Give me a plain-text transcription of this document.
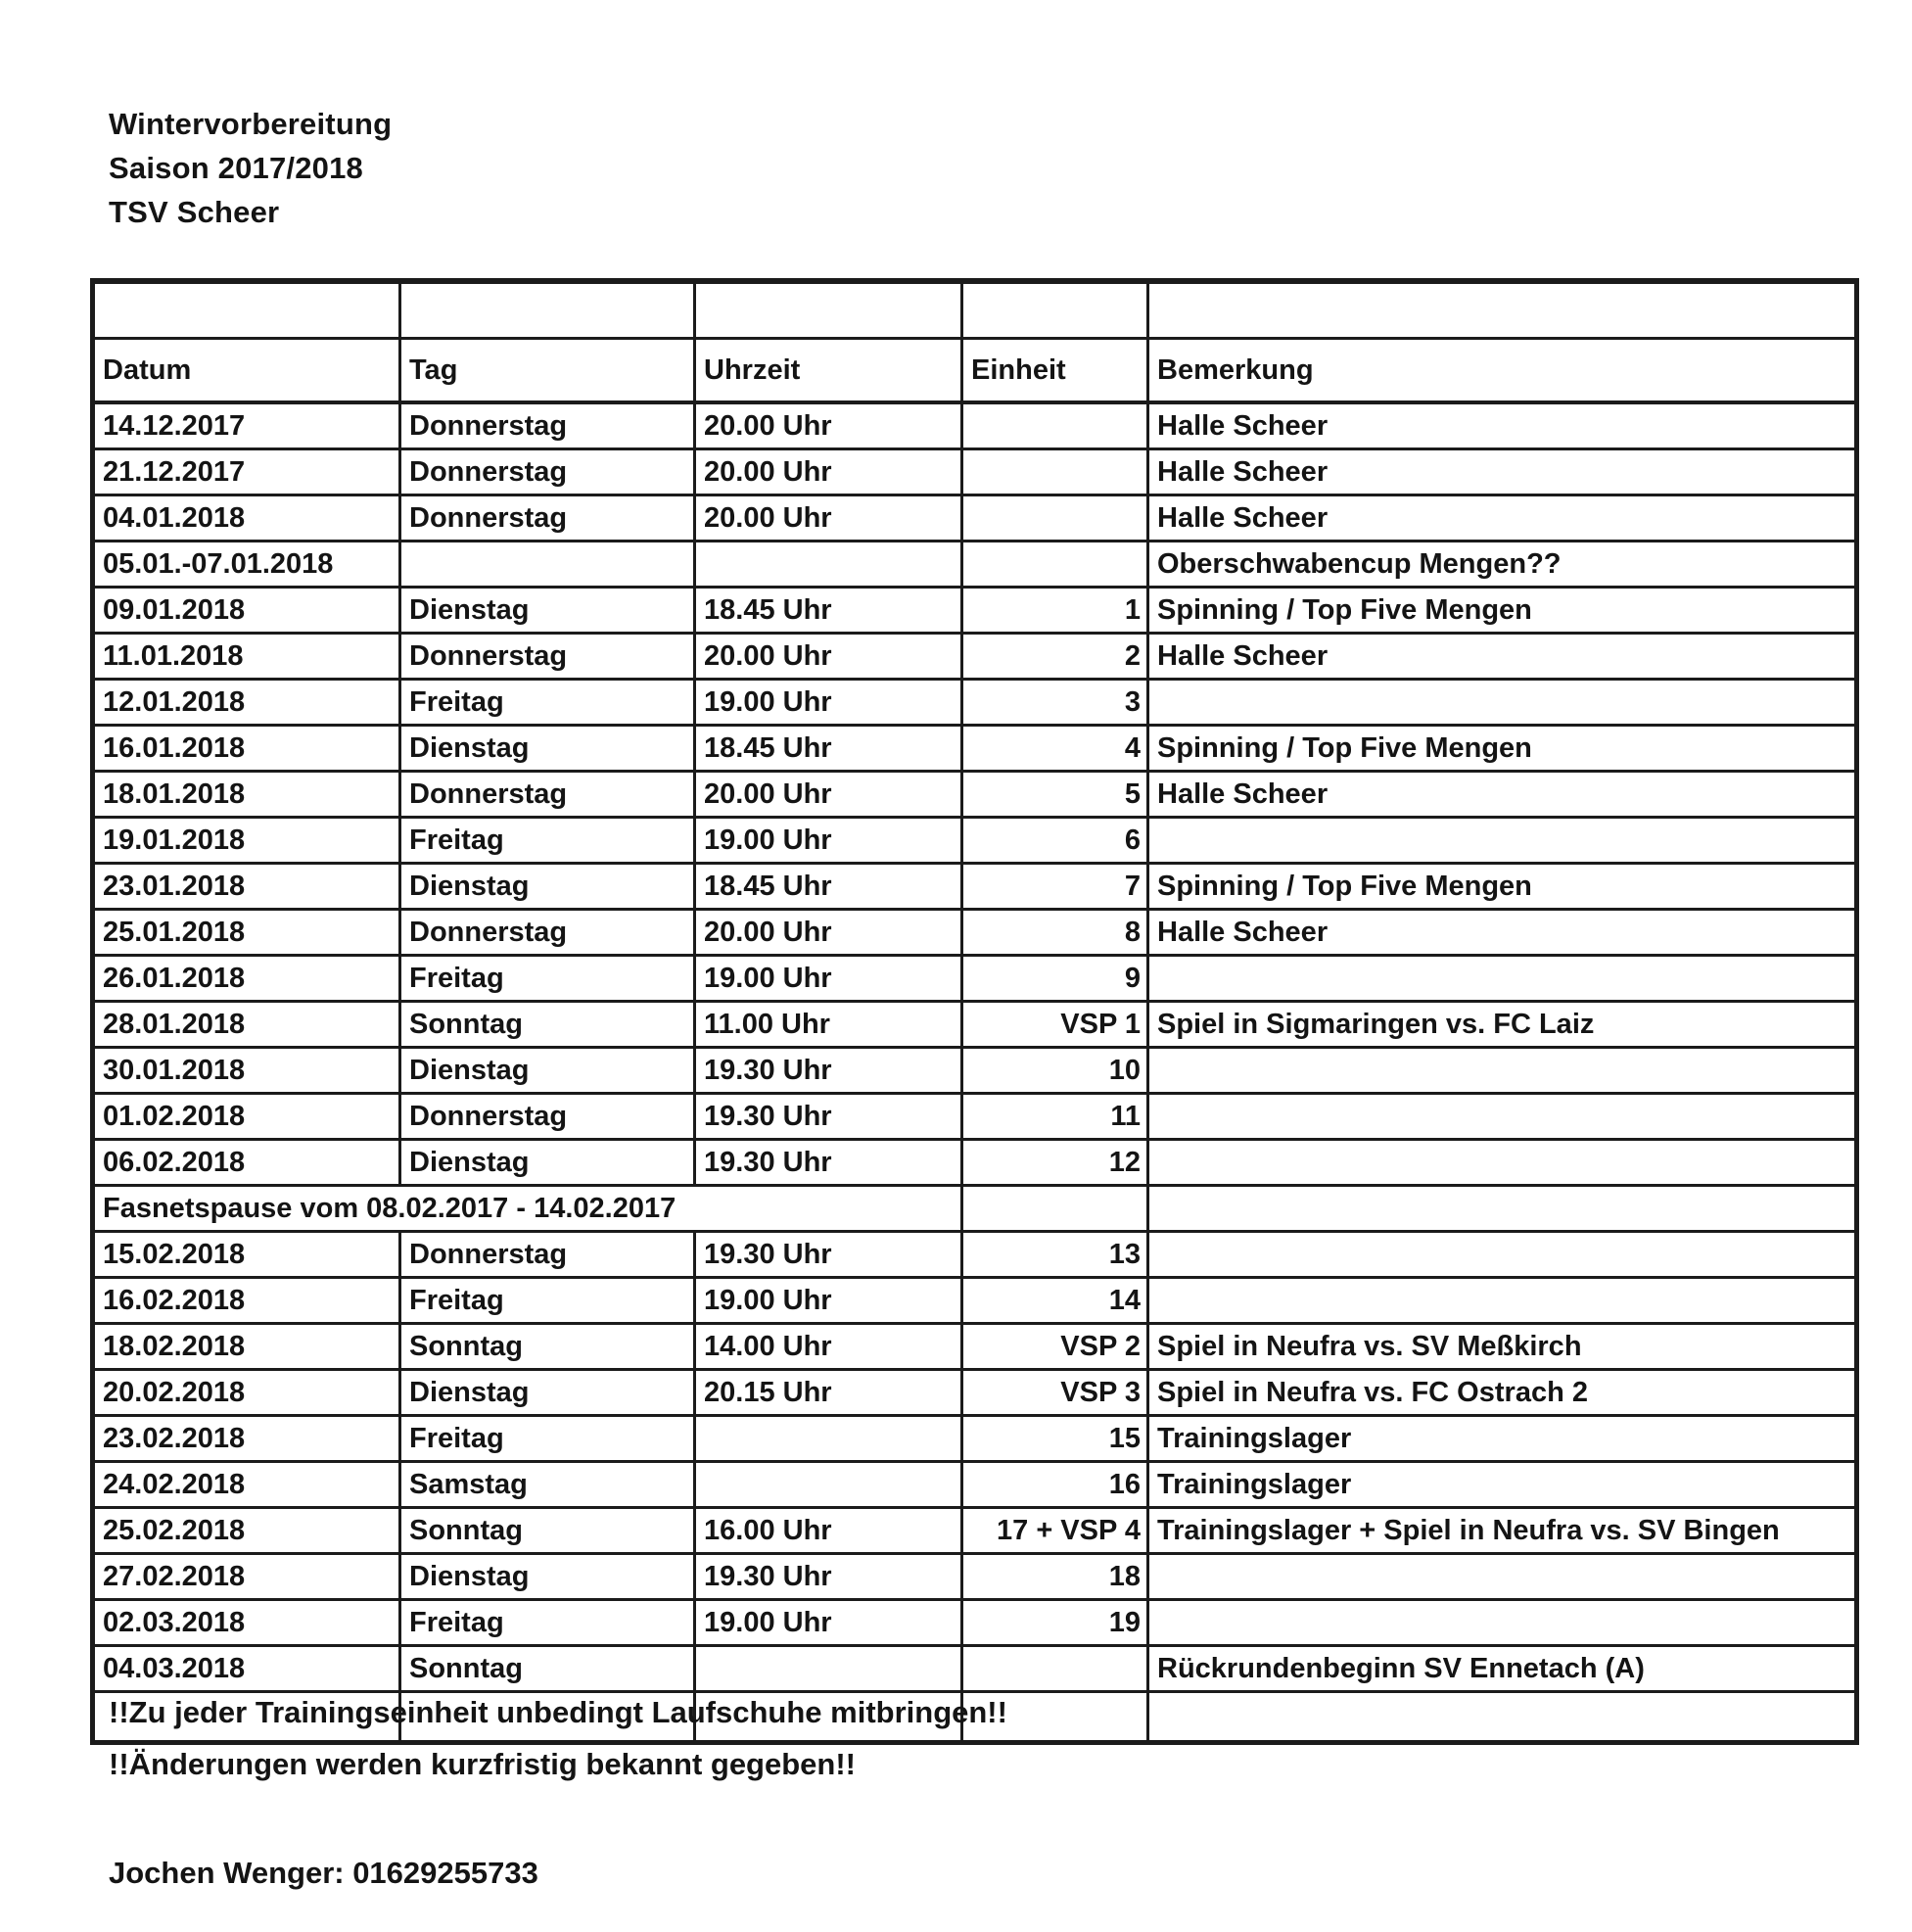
Wintervorbereitung
Saison 2017/2018
TSV Scheer

Datum	Tag	Uhrzeit	Einheit	Bemerkung
14.12.2017	Donnerstag	20.00 Uhr		Halle Scheer
21.12.2017	Donnerstag	20.00 Uhr		Halle Scheer
04.01.2018	Donnerstag	20.00 Uhr		Halle Scheer
05.01.-07.01.2018				Oberschwabencup Mengen??
09.01.2018	Dienstag	18.45 Uhr	1	Spinning / Top Five Mengen
11.01.2018	Donnerstag	20.00 Uhr	2	Halle Scheer
12.01.2018	Freitag	19.00 Uhr	3	
16.01.2018	Dienstag	18.45 Uhr	4	Spinning / Top Five Mengen
18.01.2018	Donnerstag	20.00 Uhr	5	Halle Scheer
19.01.2018	Freitag	19.00 Uhr	6	
23.01.2018	Dienstag	18.45 Uhr	7	Spinning / Top Five Mengen
25.01.2018	Donnerstag	20.00 Uhr	8	Halle Scheer
26.01.2018	Freitag	19.00 Uhr	9	
28.01.2018	Sonntag	11.00 Uhr	VSP 1	Spiel in Sigmaringen vs. FC Laiz
30.01.2018	Dienstag	19.30 Uhr	10	
01.02.2018	Donnerstag	19.30 Uhr	11	
06.02.2018	Dienstag	19.30 Uhr	12	
Fasnetspause vom 08.02.2017 - 14.02.2017				
15.02.2018	Donnerstag	19.30 Uhr	13	
16.02.2018	Freitag	19.00 Uhr	14	
18.02.2018	Sonntag	14.00 Uhr	VSP 2	Spiel in Neufra vs. SV Meßkirch
20.02.2018	Dienstag	20.15 Uhr	VSP 3	Spiel in Neufra vs. FC Ostrach 2
23.02.2018	Freitag		15	Trainingslager
24.02.2018	Samstag		16	Trainingslager
25.02.2018	Sonntag	16.00 Uhr	17 + VSP 4	Trainingslager + Spiel in Neufra vs. SV Bingen
27.02.2018	Dienstag	19.30 Uhr	18	
02.03.2018	Freitag	19.00 Uhr	19	
04.03.2018	Sonntag			Rückrundenbeginn SV Ennetach (A)

!!Zu jeder Trainingseinheit unbedingt Laufschuhe mitbringen!!
!!Änderungen werden kurzfristig bekannt gegeben!!
Jochen Wenger: 01629255733
